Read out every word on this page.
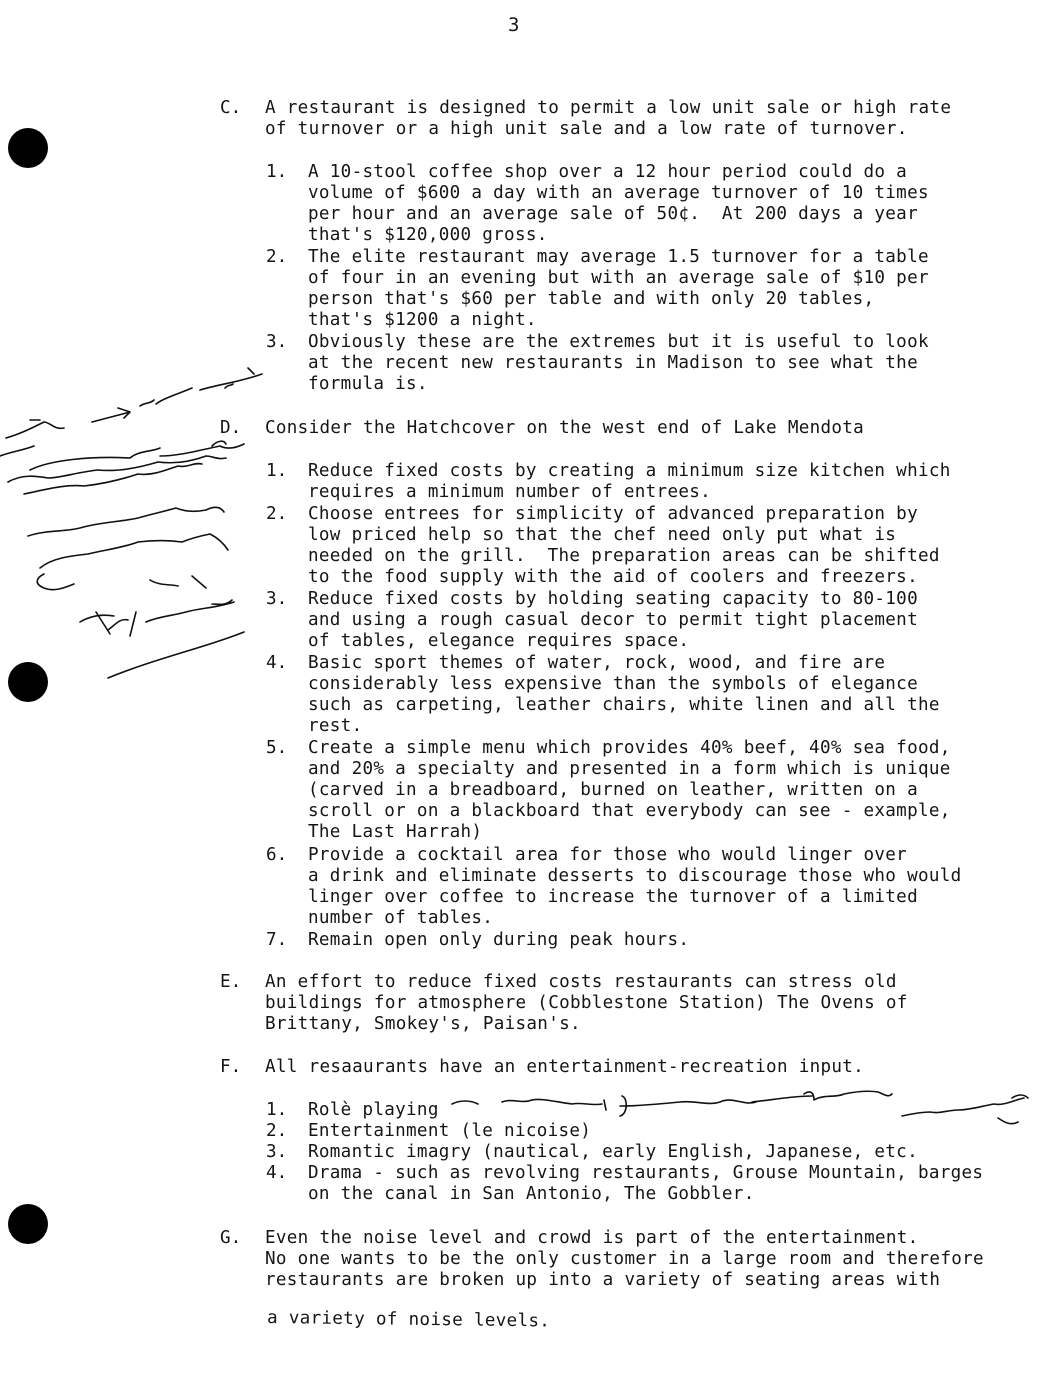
3
C. A restaurant is designed to permit a low unit sale or high rate
of turnover or a high unit sale and a low rate of turnover.
1. A 10-stool coffee shop over a 12 hour period could do a
volume of $600 a day with an average turnover of 10 times
per hour and an average sale of 50¢.  At 200 days a year
that's $120,000 gross.
2. The elite restaurant may average 1.5 turnover for a table
of four in an evening but with an average sale of $10 per
person that's $60 per table and with only 20 tables,
that's $1200 a night.
3. Obviously these are the extremes but it is useful to look
at the recent new restaurants in Madison to see what the
formula is.
D. Consider the Hatchcover on the west end of Lake Mendota
1. Reduce fixed costs by creating a minimum size kitchen which
requires a minimum number of entrees.
2. Choose entrees for simplicity of advanced preparation by
low priced help so that the chef need only put what is
needed on the grill.  The preparation areas can be shifted
to the food supply with the aid of coolers and freezers.
3. Reduce fixed costs by holding seating capacity to 80-100
and using a rough casual decor to permit tight placement
of tables, elegance requires space.
4. Basic sport themes of water, rock, wood, and fire are
considerably less expensive than the symbols of elegance
such as carpeting, leather chairs, white linen and all the
rest.
5. Create a simple menu which provides 40% beef, 40% sea food,
and 20% a specialty and presented in a form which is unique
(carved in a breadboard, burned on leather, written on a
scroll or on a blackboard that everybody can see - example,
The Last Harrah)
6. Provide a cocktail area for those who would linger over
a drink and eliminate desserts to discourage those who would
linger over coffee to increase the turnover of a limited
number of tables.
7. Remain open only during peak hours.
E. An effort to reduce fixed costs restaurants can stress old
buildings for atmosphere (Cobblestone Station) The Ovens of
Brittany, Smokey's, Paisan's.
F. All resaaurants have an entertainment-recreation input.
1. Rolè playing
2. Entertainment (le nicoise)
3. Romantic imagry (nautical, early English, Japanese, etc.
4. Drama - such as revolving restaurants, Grouse Mountain, barges
on the canal in San Antonio, The Gobbler.
G. Even the noise level and crowd is part of the entertainment.
No one wants to be the only customer in a large room and therefore
restaurants are broken up into a variety of seating areas with
a variety of noise levels.
